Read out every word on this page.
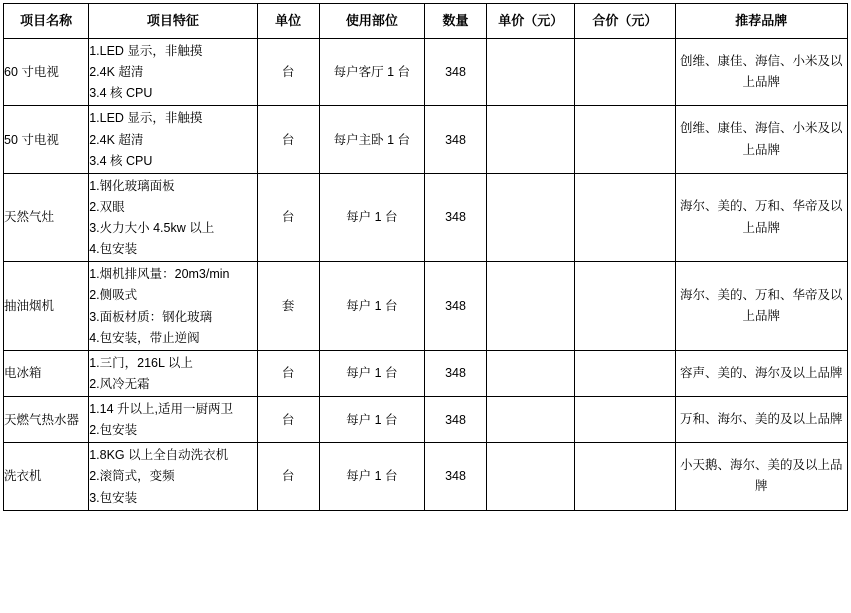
项目名称	项目特征	单位	使用部位	数量	单价（元）	合价（元）	推荐品牌
60 寸电视	1.LED 显示，非触摸
2.4K 超清
3.4 核 CPU	台	每户客厅 1 台	348			创维、康佳、海信、小米及以上品牌
50 寸电视	1.LED 显示，非触摸
2.4K 超清
3.4 核 CPU	台	每户主卧 1 台	348			创维、康佳、海信、小米及以上品牌
天然气灶	1.钢化玻璃面板
2.双眼
3.火力大小 4.5kw 以上
4.包安装	台	每户 1 台	348			海尔、美的、万和、华帝及以上品牌
抽油烟机	1.烟机排风量：20m3/min
2.侧吸式
3.面板材质：钢化玻璃
4.包安装，带止逆阀	套	每户 1 台	348			海尔、美的、万和、华帝及以上品牌
电冰箱	1.三门，216L 以上
2.风冷无霜	台	每户 1 台	348			容声、美的、海尔及以上品牌
天燃气热水器	1.14 升以上,适用一厨两卫
2.包安装	台	每户 1 台	348			万和、海尔、美的及以上品牌
洗衣机	1.8KG 以上全自动洗衣机
2.滚筒式，变频
3.包安装	台	每户 1 台	348			小天鹅、海尔、美的及以上品牌
